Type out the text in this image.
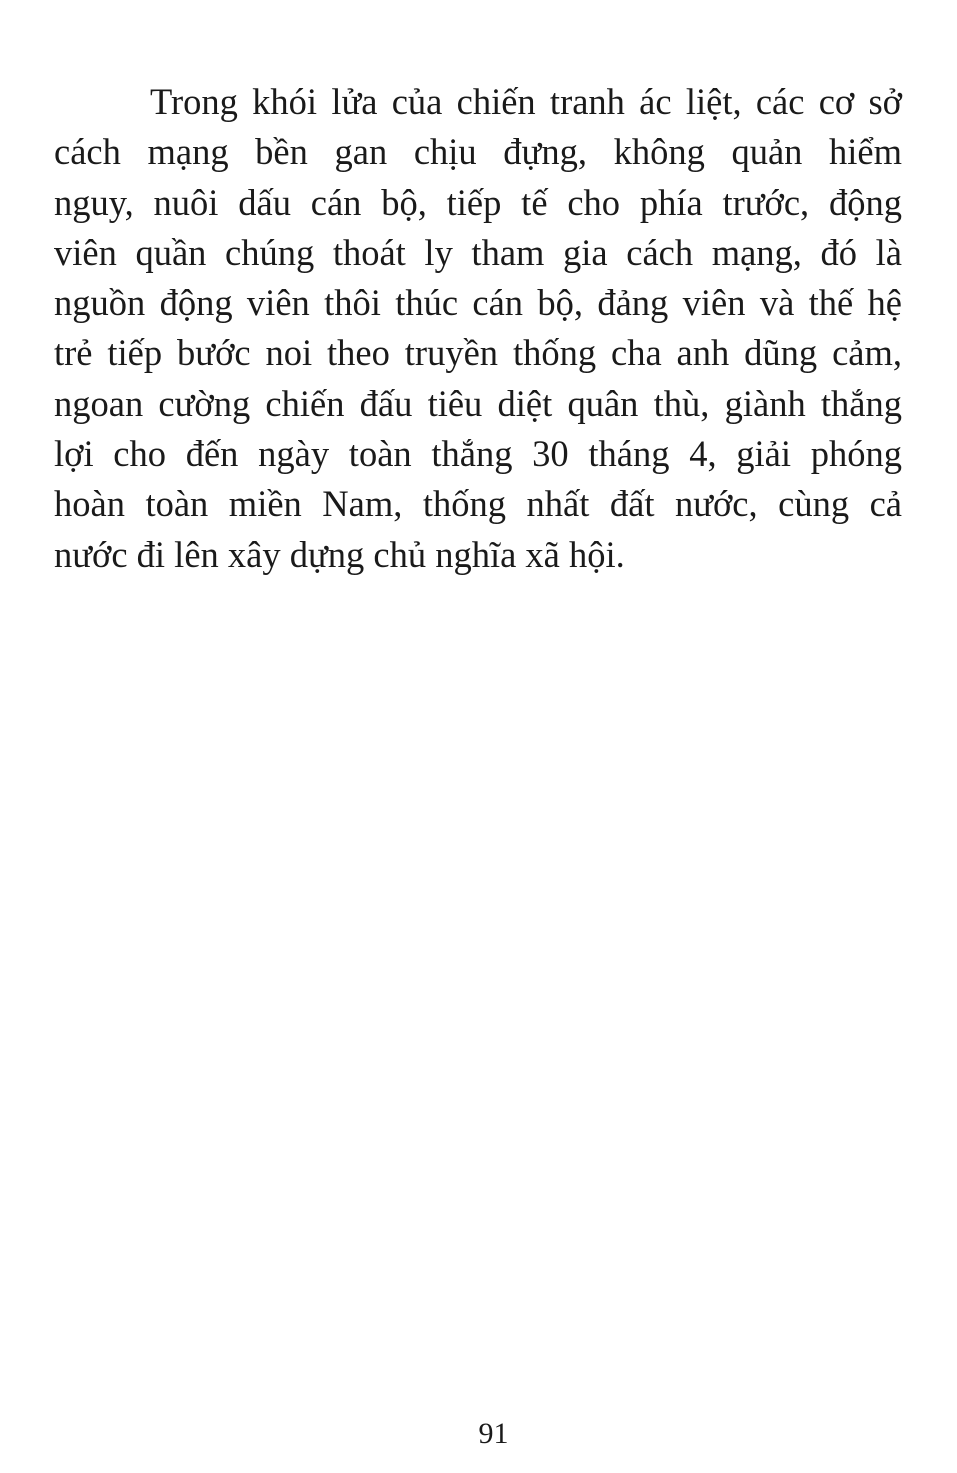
Trong khói lửa của chiến tranh ác liệt, các cơ sở
cách mạng bền gan chịu đựng, không quản hiểm
nguy, nuôi dấu cán bộ, tiếp tế cho phía trước, động
viên quần chúng thoát ly tham gia cách mạng, đó là
nguồn động viên thôi thúc cán bộ, đảng viên và thế hệ
trẻ tiếp bước noi theo truyền thống cha anh dũng cảm,
ngoan cường chiến đấu tiêu diệt quân thù, giành thắng
lợi cho đến ngày toàn thắng 30 tháng 4, giải phóng
hoàn toàn miền Nam, thống nhất đất nước, cùng cả
nước đi lên xây dựng chủ nghĩa xã hội.

91
